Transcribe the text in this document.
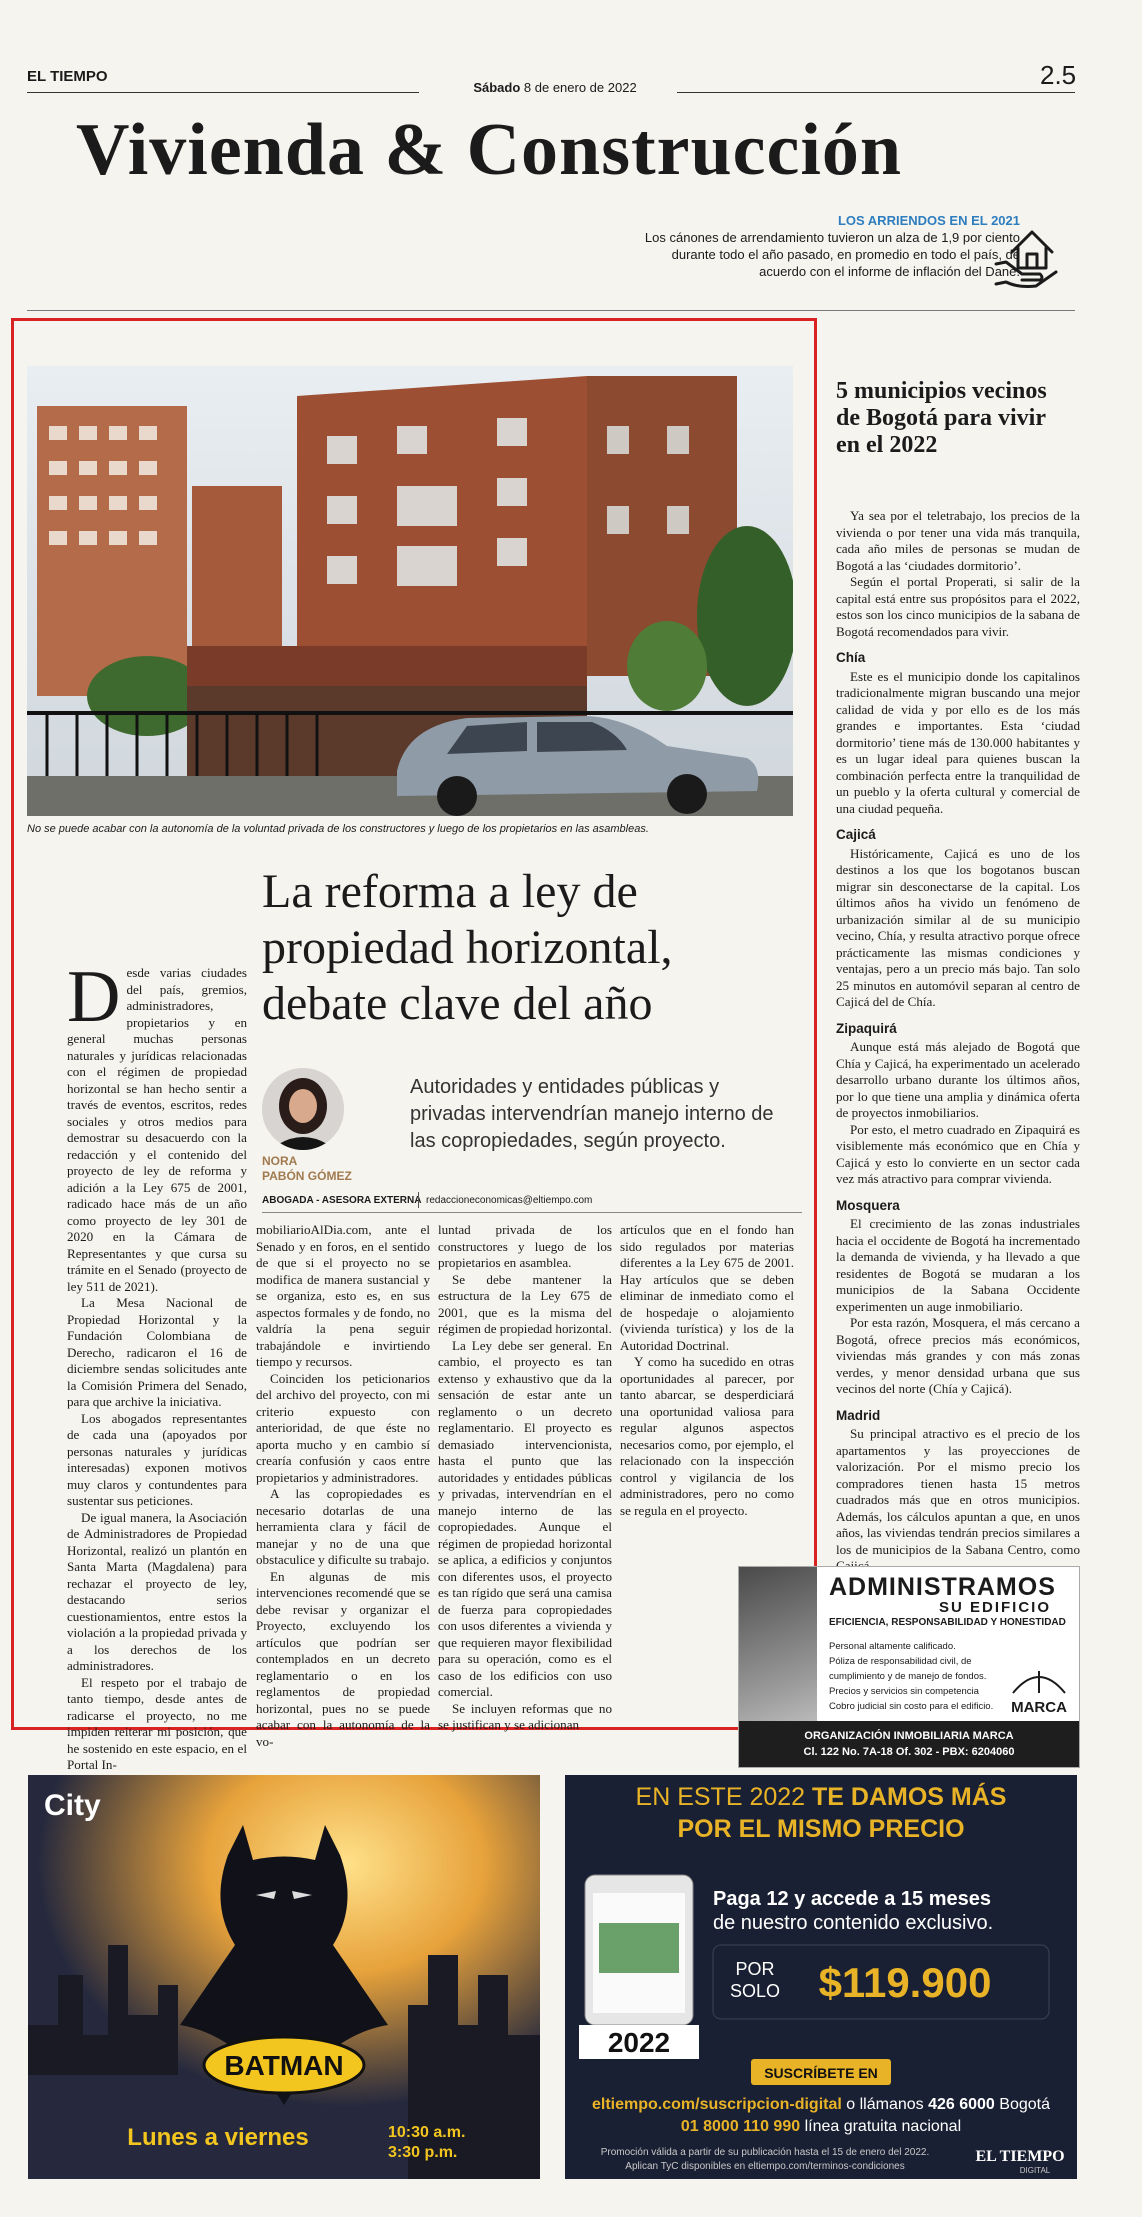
EL TIEMPO
Sábado 8 de enero de 2022	2.5
Vivienda & Construcción
LOS ARRIENDOS EN EL 2021
Los cánones de arrendamiento tuvieron un alza de 1,9 por ciento durante todo el año pasado, en promedio en todo el país, de acuerdo con el informe de inflación del Dane.
No se puede acabar con la autonomía de la voluntad privada de los constructores y luego de los propietarios en las asambleas.
La reforma a ley de propiedad horizontal, debate clave del año
NORA
PABÓN GÓMEZ
Autoridades y entidades públicas y privadas intervendrían manejo interno de las copropiedades, según proyecto.
ABOGADA - ASESORA EXTERNA redaccioneconomicas@eltiempo.com
D esde varias ciudades del país, gremios, administradores, propietarios y en general muchas personas naturales y jurídicas relacionadas con el régimen de propiedad horizontal se han hecho sentir a través de eventos, escritos, redes sociales y otros medios para demostrar su desacuerdo con la redacción y el contenido del proyecto de ley de reforma y adición a la Ley 675 de 2001, radicado hace más de un año como proyecto de ley 301 de 2020 en la Cámara de Representantes y que cursa su trámite en el Senado (proyecto de ley 511 de 2021).

La Mesa Nacional de Propiedad Horizontal y la Fundación Colombiana de Derecho, radicaron el 16 de diciembre sendas solicitudes ante la Comisión Primera del Senado, para que archive la iniciativa.

Los abogados representantes de cada una (apoyados por personas naturales y jurídicas interesadas) exponen motivos muy claros y contundentes para sustentar sus peticiones.

De igual manera, la Asociación de Administradores de Propiedad Horizontal, realizó un plantón en Santa Marta (Magdalena) para rechazar el proyecto de ley, destacando serios cuestionamientos, entre estos la violación a la propiedad privada y a los derechos de los administradores.

El respeto por el trabajo de tanto tiempo, desde antes de radicarse el proyecto, no me impiden reiterar mi posición, que he sostenido en este espacio, en el Portal In-

mobiliarioAlDia.com, ante el Senado y en foros, en el sentido de que si el proyecto no se modifica de manera sustancial y se organiza, esto es, en sus aspectos formales y de fondo, no valdría la pena seguir trabajándole e invirtiendo tiempo y recursos.

Coinciden los peticionarios del archivo del proyecto, con mi criterio expuesto con anterioridad, de que éste no aporta mucho y en cambio sí crearía confusión y caos entre propietarios y administradores.

A las copropiedades es necesario dotarlas de una herramienta clara y fácil de manejar y no de una que obstaculice y dificulte su trabajo.

En algunas de mis intervenciones recomendé que se debe revisar y organizar el Proyecto, excluyendo los artículos que podrían ser contemplados en un decreto reglamentario o en los reglamentos de propiedad horizontal, pues no se puede acabar con la autonomía de la vo-

luntad privada de los constructores y luego de los propietarios en asamblea.

Se debe mantener la estructura de la Ley 675 de 2001, que es la misma del régimen de propiedad horizontal.

La Ley debe ser general. En cambio, el proyecto es tan extenso y exhaustivo que da la sensación de estar ante un reglamento o un decreto reglamentario. El proyecto es demasiado intervencionista, hasta el punto que las autoridades y entidades públicas y privadas, intervendrían en el manejo interno de las copropiedades. Aunque el régimen de propiedad horizontal se aplica, a edificios y conjuntos con diferentes usos, el proyecto es tan rígido que será una camisa de fuerza para copropiedades con usos diferentes a vivienda y que requieren mayor flexibilidad para su operación, como es el caso de los edificios con uso comercial.

Se incluyen reformas que no se justifican y se adicionan

artículos que en el fondo han sido regulados por materias diferentes a la Ley 675 de 2001. Hay artículos que se deben eliminar de inmediato como el de hospedaje o alojamiento (vivienda turística) y los de la Autoridad Doctrinal.

Y como ha sucedido en otras oportunidades al parecer, por tanto abarcar, se desperdiciará una oportunidad valiosa para regular algunos aspectos necesarios como, por ejemplo, el relacionado con la inspección control y vigilancia de los administradores, pero no como se regula en el proyecto.

5 municipios vecinos de Bogotá para vivir en el 2022

Ya sea por el teletrabajo, los precios de la vivienda o por tener una vida más tranquila, cada año miles de personas se mudan de Bogotá a las ‘ciudades dormitorio’.

Según el portal Properati, si salir de la capital está entre sus propósitos para el 2022, estos son los cinco municipios de la sabana de Bogotá recomendados para vivir.

Chía

Este es el municipio donde los capitalinos tradicionalmente migran buscando una mejor calidad de vida y por ello es de los más grandes e importantes. Esta ‘ciudad dormitorio’ tiene más de 130.000 habitantes y es un lugar ideal para quienes buscan la combinación perfecta entre la tranquilidad de un pueblo y la oferta cultural y comercial de una ciudad pequeña.

Cajicá

Históricamente, Cajicá es uno de los destinos a los que los bogotanos buscan migrar sin desconectarse de la capital. Los últimos años ha vivido un fenómeno de urbanización similar al de su municipio vecino, Chía, y resulta atractivo porque ofrece prácticamente las mismas condiciones y ventajas, pero a un precio más bajo. Tan solo 25 minutos en automóvil separan al centro de Cajicá del de Chía.

Zipaquirá

Aunque está más alejado de Bogotá que Chía y Cajicá, ha experimentado un acelerado desarrollo urbano durante los últimos años, por lo que tiene una amplia y dinámica oferta de proyectos inmobiliarios.

Por esto, el metro cuadrado en Zipaquirá es visiblemente más económico que en Chía y Cajicá y esto lo convierte en un sector cada vez más atractivo para comprar vivienda.

Mosquera

El crecimiento de las zonas industriales hacia el occidente de Bogotá ha incrementado la demanda de vivienda, y ha llevado a que residentes de Bogotá se mudaran a los municipios de la Sabana Occidente experimenten un auge inmobiliario.

Por esta razón, Mosquera, el más cercano a Bogotá, ofrece precios más económicos, viviendas más grandes y con más zonas verdes, y menor densidad urbana que sus vecinos del norte (Chía y Cajicá).

Madrid

Su principal atractivo es el precio de los apartamentos y las proyecciones de valorización. Por el mismo precio los compradores tienen hasta 15 metros cuadrados más que en otros municipios. Además, los cálculos apuntan a que, en unos años, las viviendas tendrán precios similares a los de municipios de la Sabana Centro, como

ADMINISTRAMOS
SU EDIFICIO
EFICIENCIA, RESPONSABILIDAD Y HONESTIDAD
Personal altamente calificado.
Póliza de responsabilidad civil, de
cumplimiento y de manejo de fondos.
Precios y servicios sin competencia
Cobro judicial sin costo para el edificio.	MARCA
ORGANIZACIÓN INMOBILIARIA MARCA
Cl. 122 No. 7A-18 Of. 302 - PBX: 6204060
BATMAN
City
Lunes a viernes	10:30 a.m.
3:30 p.m.
EN ESTE 2022 TE DAMOS MÁS
POR EL MISMO PRECIO
Paga 12 y accede a 15 meses
de nuestro contenido exclusivo.
POR
SOLO $119.900
2022
SUSCRÍBETE EN
eltiempo.com/suscripcion-digital o llámanos 426 6000 Bogotá
01 8000 110 990 línea gratuita nacional
Promoción válida a partir de su publicación hasta el 15 de enero del 2022.
Aplican TyC disponibles en eltiempo.com/terminos-condiciones
EL TIEMPO
DIGITAL
